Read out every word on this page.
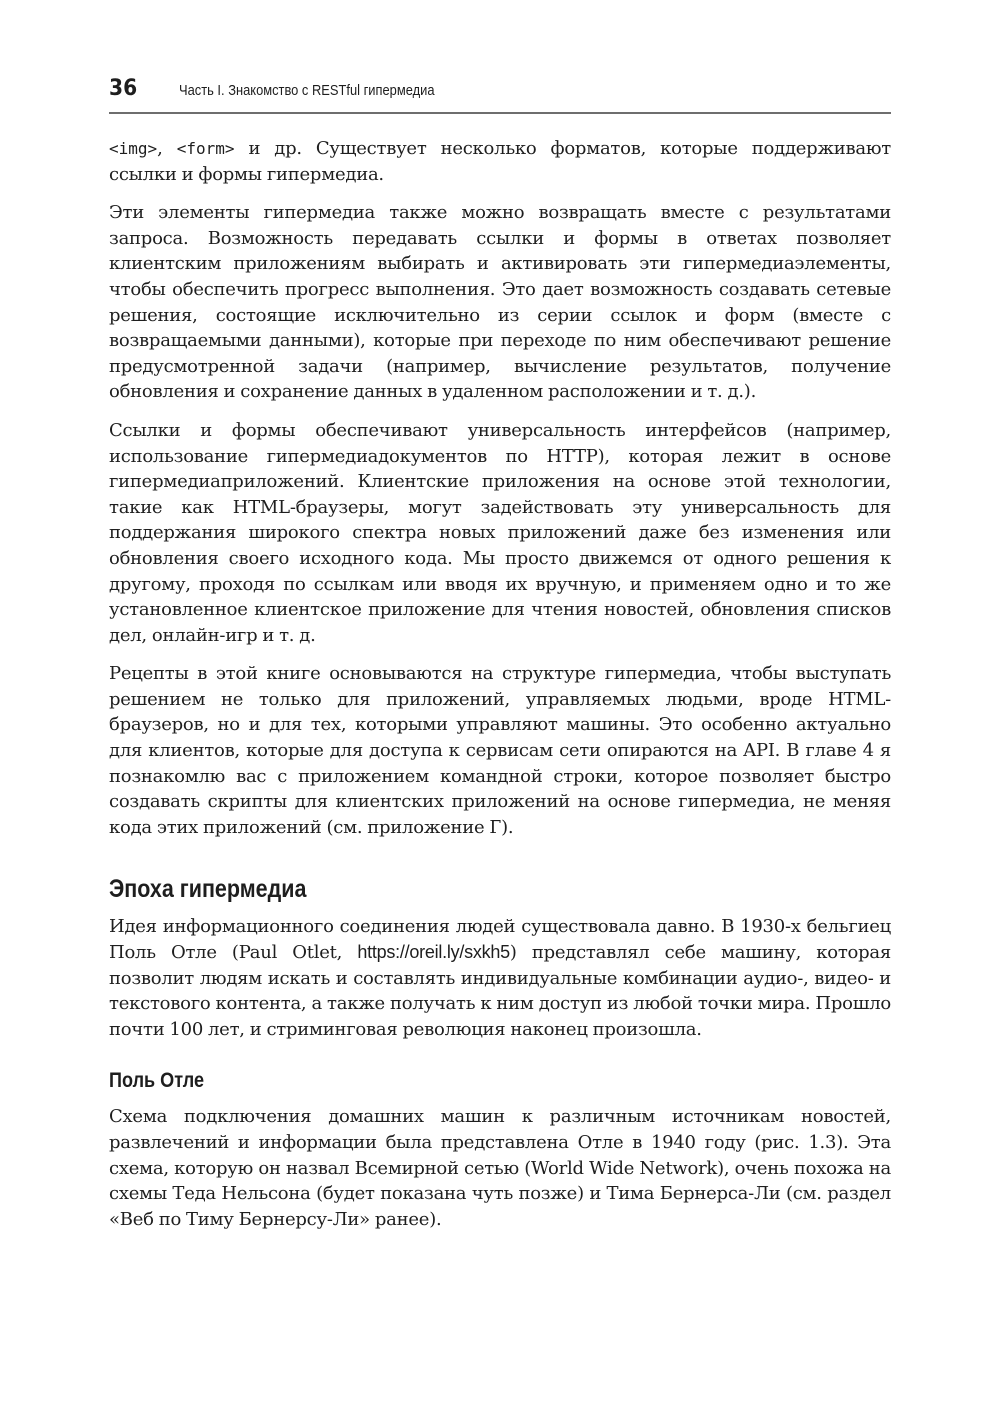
36	Часть I. Знакомство с RESTful гипермедиа

<img>, <form> и др. Существует несколько форматов, которые поддерживают ссылки и формы гипермедиа.

Эти элементы гипермедиа также можно возвращать вместе с результатами запроса. Возможность передавать ссылки и формы в ответах позволяет клиентским приложениям выбирать и активировать эти гипермедиаэлементы, чтобы обеспечить прогресс выполнения. Это дает возможность создавать сетевые решения, состоящие исключительно из серии ссылок и форм (вместе с возвращаемыми данными), которые при переходе по ним обеспечивают решение предусмотренной задачи (например, вычисление результатов, получение обновления и сохранение данных в удаленном расположении и т. д.).

Ссылки и формы обеспечивают универсальность интерфейсов (например, использование гипермедиадокументов по HTTP), которая лежит в основе гипермедиаприложений. Клиентские приложения на основе этой технологии, такие как HTML-браузеры, могут задействовать эту универсальность для поддержания широкого спектра новых приложений даже без изменения или обновления своего исходного кода. Мы просто движемся от одного решения к другому, проходя по ссылкам или вводя их вручную, и применяем одно и то же установленное клиентское приложение для чтения новостей, обновления списков дел, онлайн-игр и т. д.

Рецепты в этой книге основываются на структуре гипермедиа, чтобы выступать решением не только для приложений, управляемых людьми, вроде HTML-браузеров, но и для тех, которыми управляют машины. Это особенно актуально для клиентов, которые для доступа к сервисам сети опираются на API. В главе 4 я познакомлю вас с приложением командной строки, которое позволяет быстро создавать скрипты для клиентских приложений на основе гипермедиа, не меняя кода этих приложений (см. приложение Г).

Эпоха гипермедиа

Идея информационного соединения людей существовала давно. В 1930-х бельгиец Поль Отле (Paul Otlet, https://oreil.ly/sxkh5) представлял себе машину, которая позволит людям искать и составлять индивидуальные комбинации аудио-, видео- и текстового контента, а также получать к ним доступ из любой точки мира. Прошло почти 100 лет, и стриминговая революция наконец произошла.

Поль Отле

Схема подключения домашних машин к различным источникам новостей, развлечений и информации была представлена Отле в 1940 году (рис. 1.3). Эта схема, которую он назвал Всемирной сетью (World Wide Network), очень похожа на схемы Теда Нельсона (будет показана чуть позже) и Тима Бернерса-Ли (см. раздел «Веб по Тиму Бернерсу-Ли» ранее).
